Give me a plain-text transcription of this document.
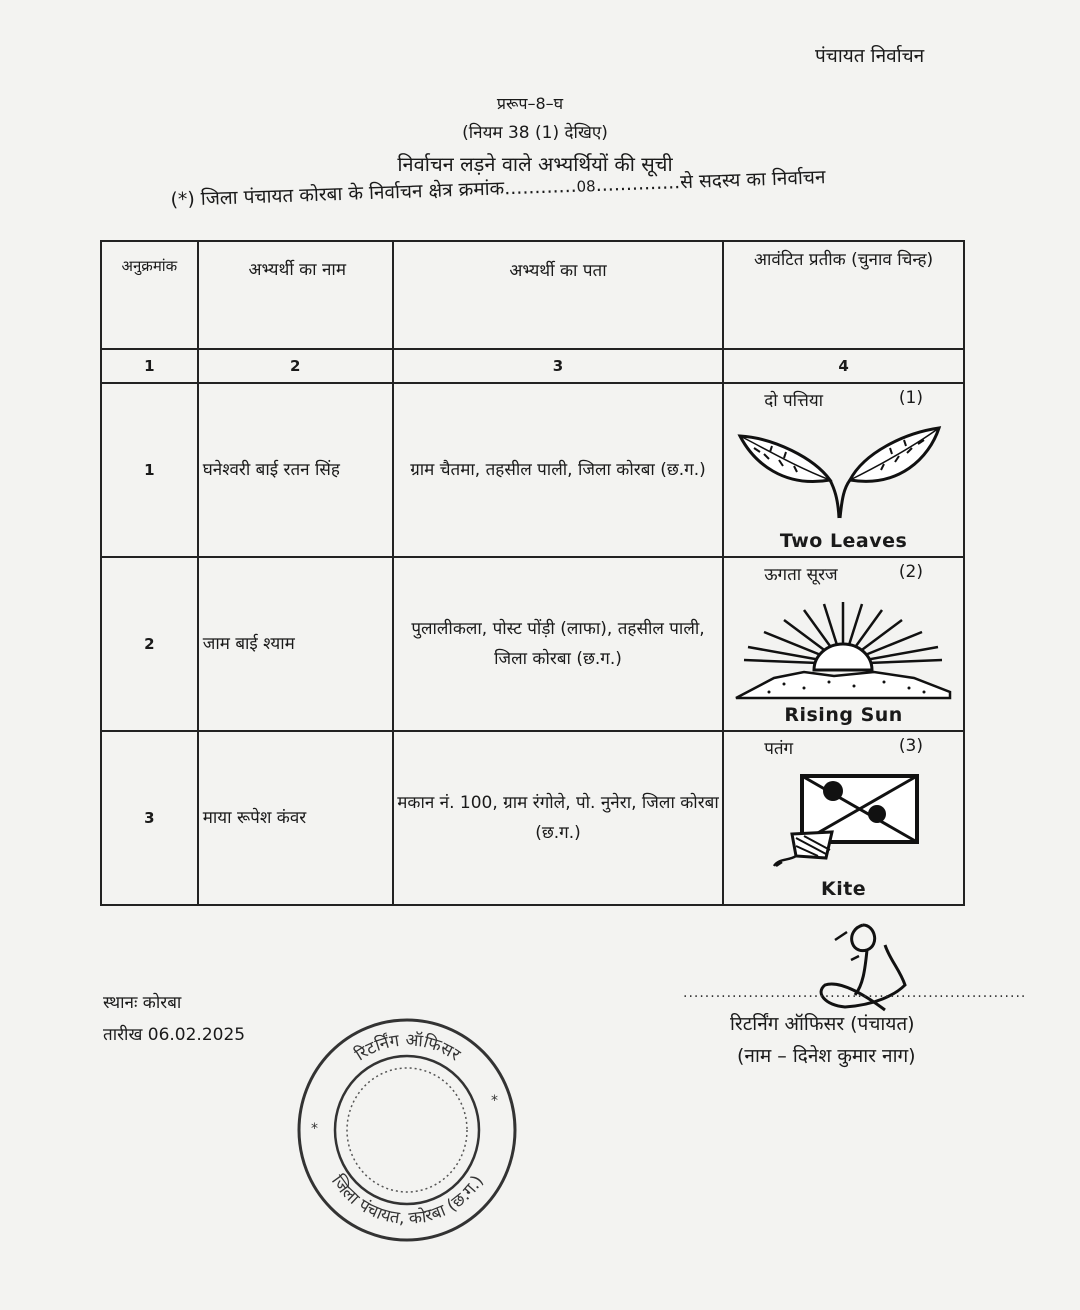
पंचायत निर्वाचन
प्ररूप–8–घ
(नियम 38 (1) देखिए)
निर्वाचन लड़ने वाले अभ्यर्थियों की सूची
(*) जिला पंचायत कोरबा के निर्वाचन क्षेत्र क्रमांक............08..............से सदस्य का निर्वाचन
अनुक्रमांक	अभ्यर्थी का नाम	अभ्यर्थी का पता	आवंटित प्रतीक (चुनाव चिन्ह)
1	2	3	4
1	घनेश्वरी बाई रतन सिंह	ग्राम चैतमा, तहसील पाली, जिला कोरबा (छ.ग.)	दो पत्तिया (1)
Two Leaves

2	जाम बाई श्याम	पुलालीकला, पोस्ट पोंड़ी (लाफा), तहसील पाली, जिला कोरबा (छ.ग.)	ऊगता सूरज (2)
Rising Sun

3	माया रूपेश कंवर	मकान नं. 100, ग्राम रंगोले, पो. नुनेरा, जिला कोरबा (छ.ग.)	पतंग (3)
Kite
स्थानः कोरबा
तारीख 06.02.2025
...............................................................
रिटर्निंग ऑफिसर (पंचायत)
(नाम – दिनेश कुमार नाग)
रिटर्निंग ऑफिसर
जिला पंचायत, कोरबा (छ.ग.)
*
*
